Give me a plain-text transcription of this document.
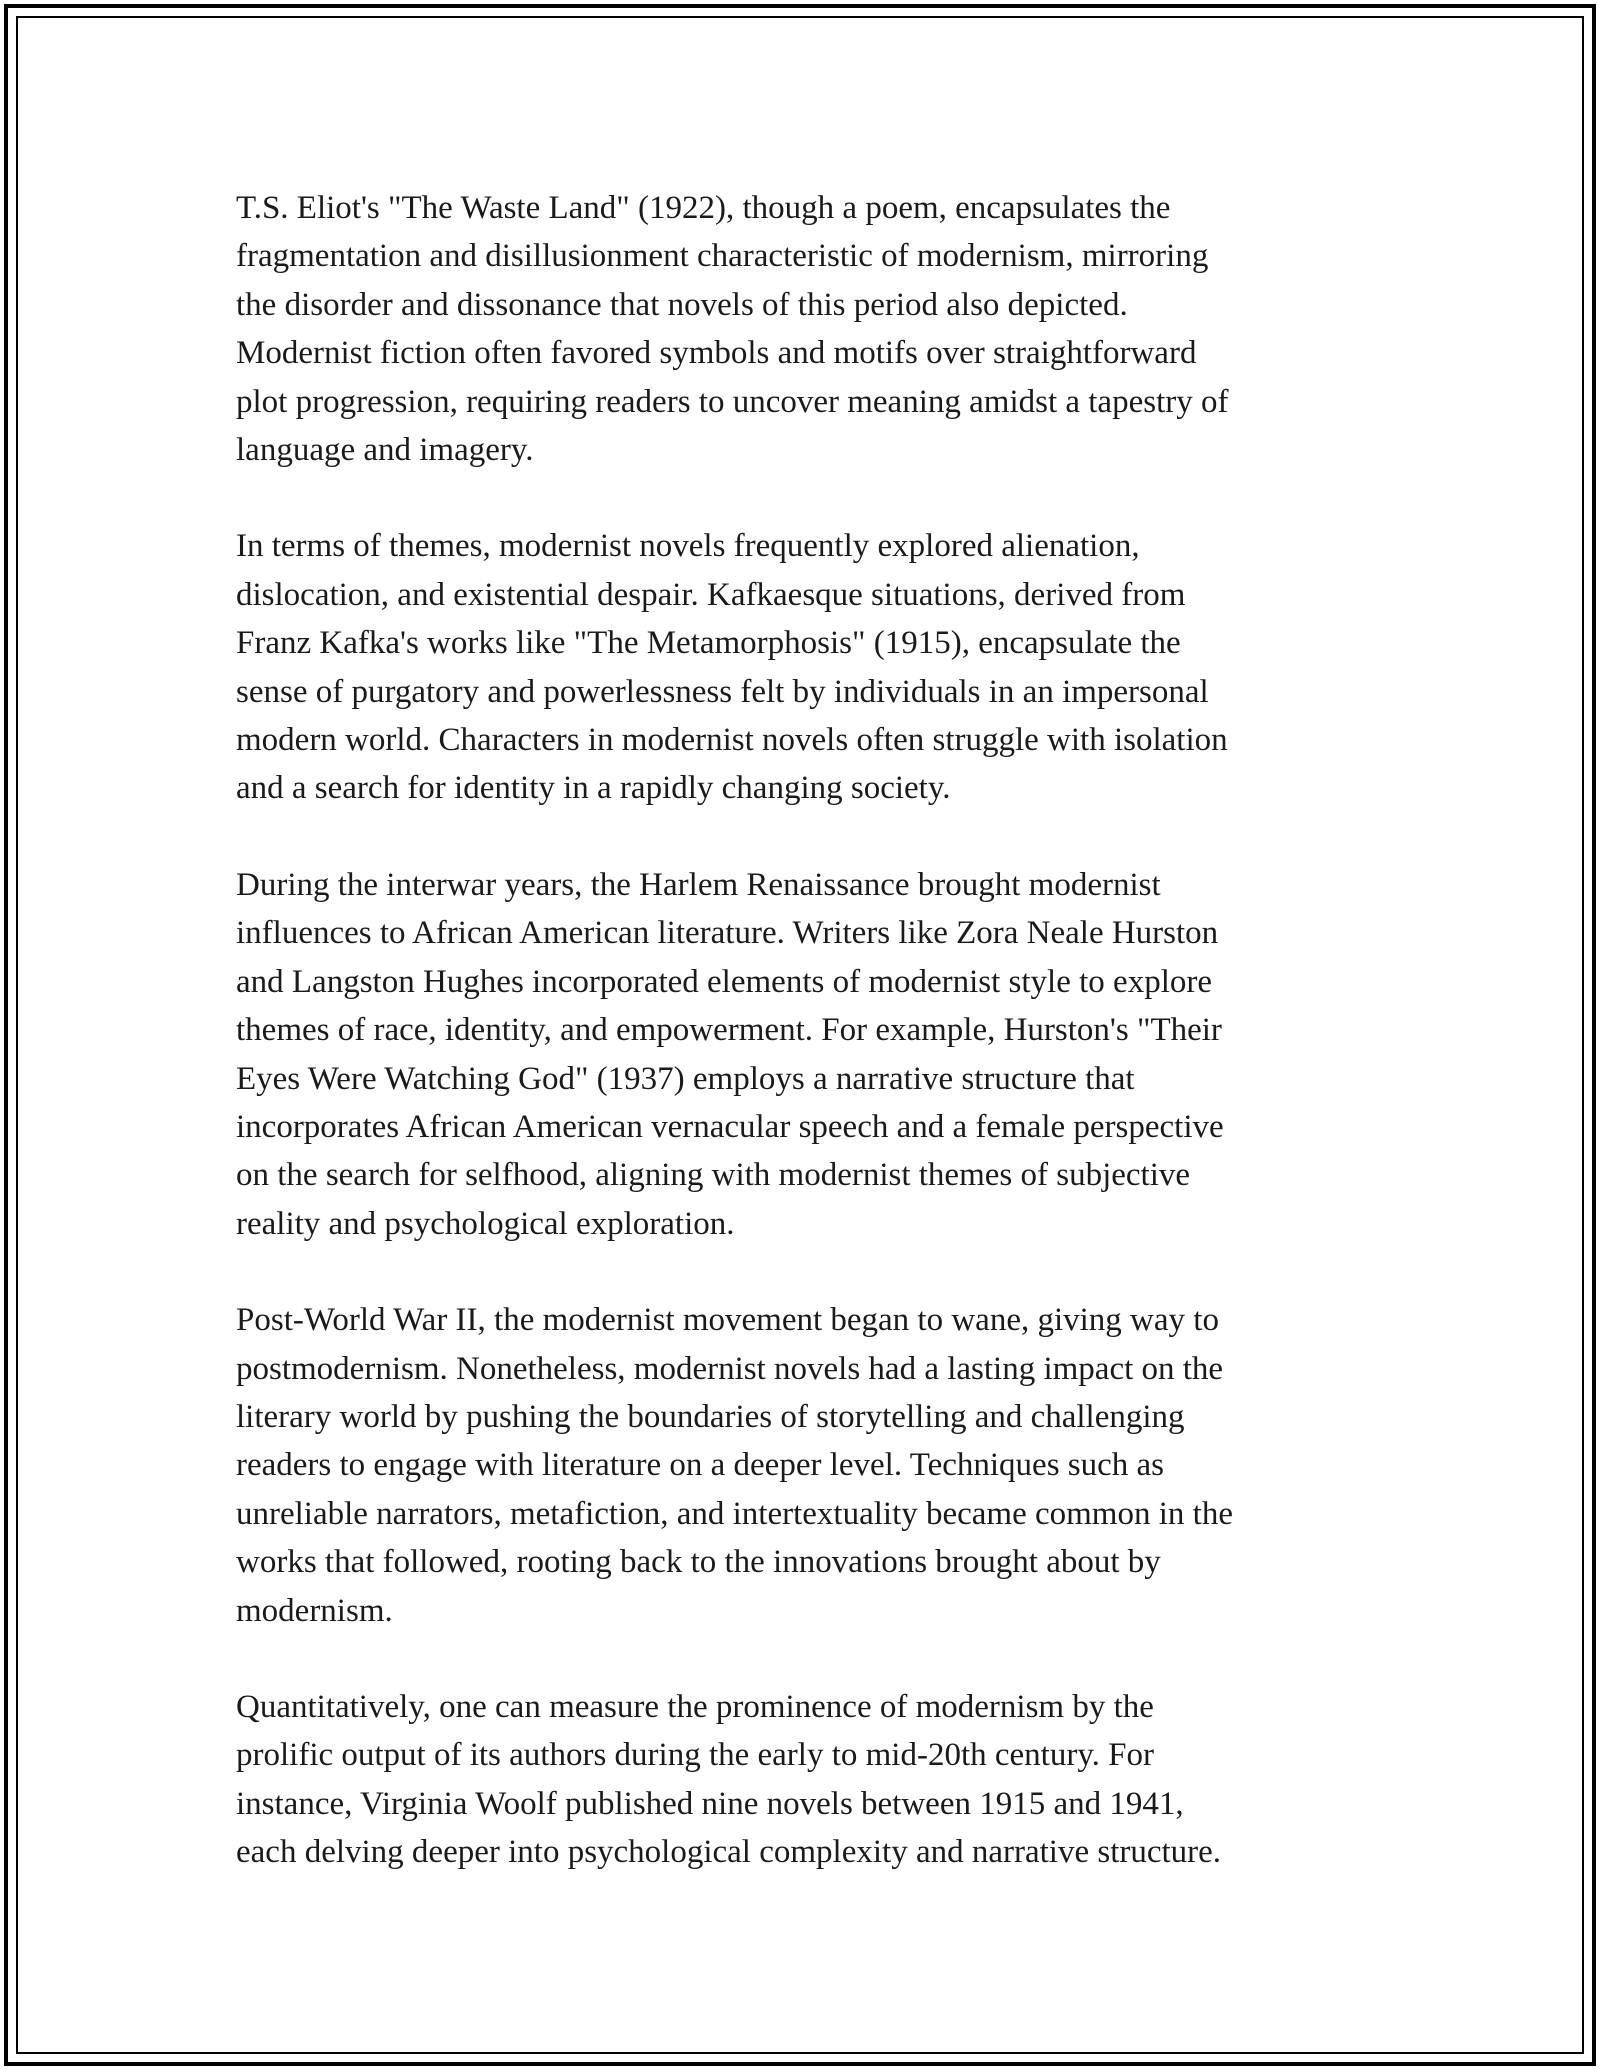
T.S. Eliot's "The Waste Land" (1922), though a poem, encapsulates the
fragmentation and disillusionment characteristic of modernism, mirroring
the disorder and dissonance that novels of this period also depicted.
Modernist fiction often favored symbols and motifs over straightforward
plot progression, requiring readers to uncover meaning amidst a tapestry of
language and imagery.

In terms of themes, modernist novels frequently explored alienation,
dislocation, and existential despair. Kafkaesque situations, derived from
Franz Kafka's works like "The Metamorphosis" (1915), encapsulate the
sense of purgatory and powerlessness felt by individuals in an impersonal
modern world. Characters in modernist novels often struggle with isolation
and a search for identity in a rapidly changing society.

During the interwar years, the Harlem Renaissance brought modernist
influences to African American literature. Writers like Zora Neale Hurston
and Langston Hughes incorporated elements of modernist style to explore
themes of race, identity, and empowerment. For example, Hurston's "Their
Eyes Were Watching God" (1937) employs a narrative structure that
incorporates African American vernacular speech and a female perspective
on the search for selfhood, aligning with modernist themes of subjective
reality and psychological exploration.

Post-World War II, the modernist movement began to wane, giving way to
postmodernism. Nonetheless, modernist novels had a lasting impact on the
literary world by pushing the boundaries of storytelling and challenging
readers to engage with literature on a deeper level. Techniques such as
unreliable narrators, metafiction, and intertextuality became common in the
works that followed, rooting back to the innovations brought about by
modernism.

Quantitatively, one can measure the prominence of modernism by the
prolific output of its authors during the early to mid-20th century. For
instance, Virginia Woolf published nine novels between 1915 and 1941,
each delving deeper into psychological complexity and narrative structure.
